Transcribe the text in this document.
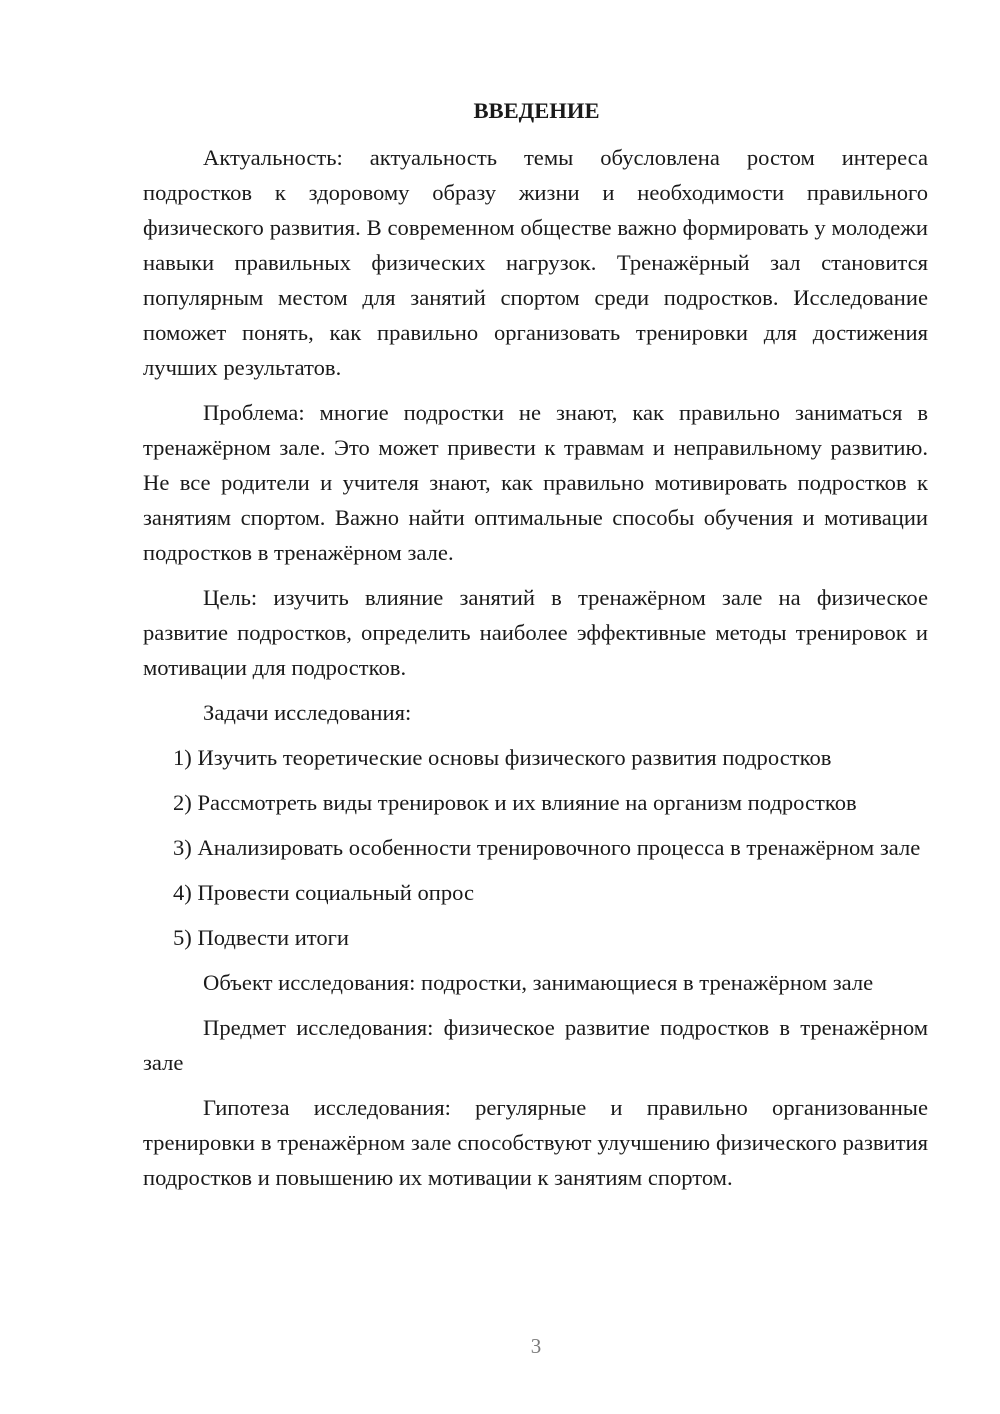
ВВЕДЕНИЕ

Актуальность: актуальность темы обусловлена ростом интереса подростков к здоровому образу жизни и необходимости правильного физического развития. В современном обществе важно формировать у молодежи навыки правильных физических нагрузок. Тренажёрный зал становится популярным местом для занятий спортом среди подростков. Исследование поможет понять, как правильно организовать тренировки для достижения лучших результатов.

Проблема: многие подростки не знают, как правильно заниматься в тренажёрном зале. Это может привести к травмам и неправильному развитию. Не все родители и учителя знают, как правильно мотивировать подростков к занятиям спортом. Важно найти оптимальные способы обучения и мотивации подростков в тренажёрном зале.

Цель: изучить влияние занятий в тренажёрном зале на физическое развитие подростков, определить наиболее эффективные методы тренировок и мотивации для подростков.

Задачи исследования:

1) Изучить теоретические основы физического развития подростков

2) Рассмотреть виды тренировок и их влияние на организм подростков

3) Анализировать особенности тренировочного процесса в тренажёрном зале

4) Провести социальный опрос

5) Подвести итоги

Объект исследования: подростки, занимающиеся в тренажёрном зале

Предмет исследования: физическое развитие подростков в тренажёрном зале

Гипотеза исследования: регулярные и правильно организованные тренировки в тренажёрном зале способствуют улучшению физического развития подростков и повышению их мотивации к занятиям спортом.

3
